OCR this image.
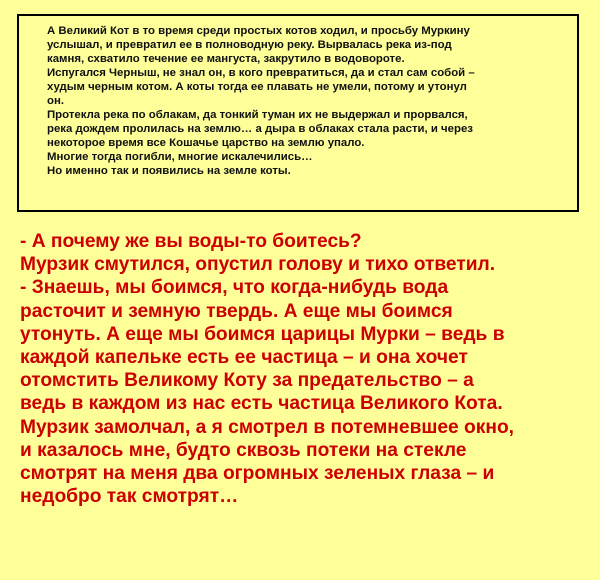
А Великий Кот в то время среди простых котов ходил, и просьбу Муркину

услышал, и превратил ее в полноводную реку. Вырвалась река из-под

камня, схватило течение ее мангуста, закрутило в водовороте.

Испугался Черныш, не знал он, в кого превратиться, да и стал сам собой –

худым черным котом. А коты тогда ее плавать не умели, потому и утонул

он.

Протекла река по облакам, да тонкий туман их не выдержал и прорвался,

река дождем пролилась на землю… а дыра в облаках стала расти, и через

некоторое время все Кошачье царство на землю упало.

Многие тогда погибли, многие искалечились…

Но именно так и появились на земле коты.

- А почему же вы воды-то боитесь?

Мурзик смутился, опустил голову и тихо ответил.

- Знаешь, мы боимся, что когда-нибудь вода

расточит и земную твердь. А еще мы боимся

утонуть. А еще мы боимся царицы Мурки – ведь в

каждой капельке есть ее частица – и она хочет

отомстить Великому Коту за предательство – а

ведь в каждом из нас есть частица Великого Кота.

Мурзик замолчал, а я смотрел в потемневшее окно,

и казалось мне, будто сквозь потеки на стекле

смотрят на меня два огромных зеленых глаза – и

недобро так смотрят…
